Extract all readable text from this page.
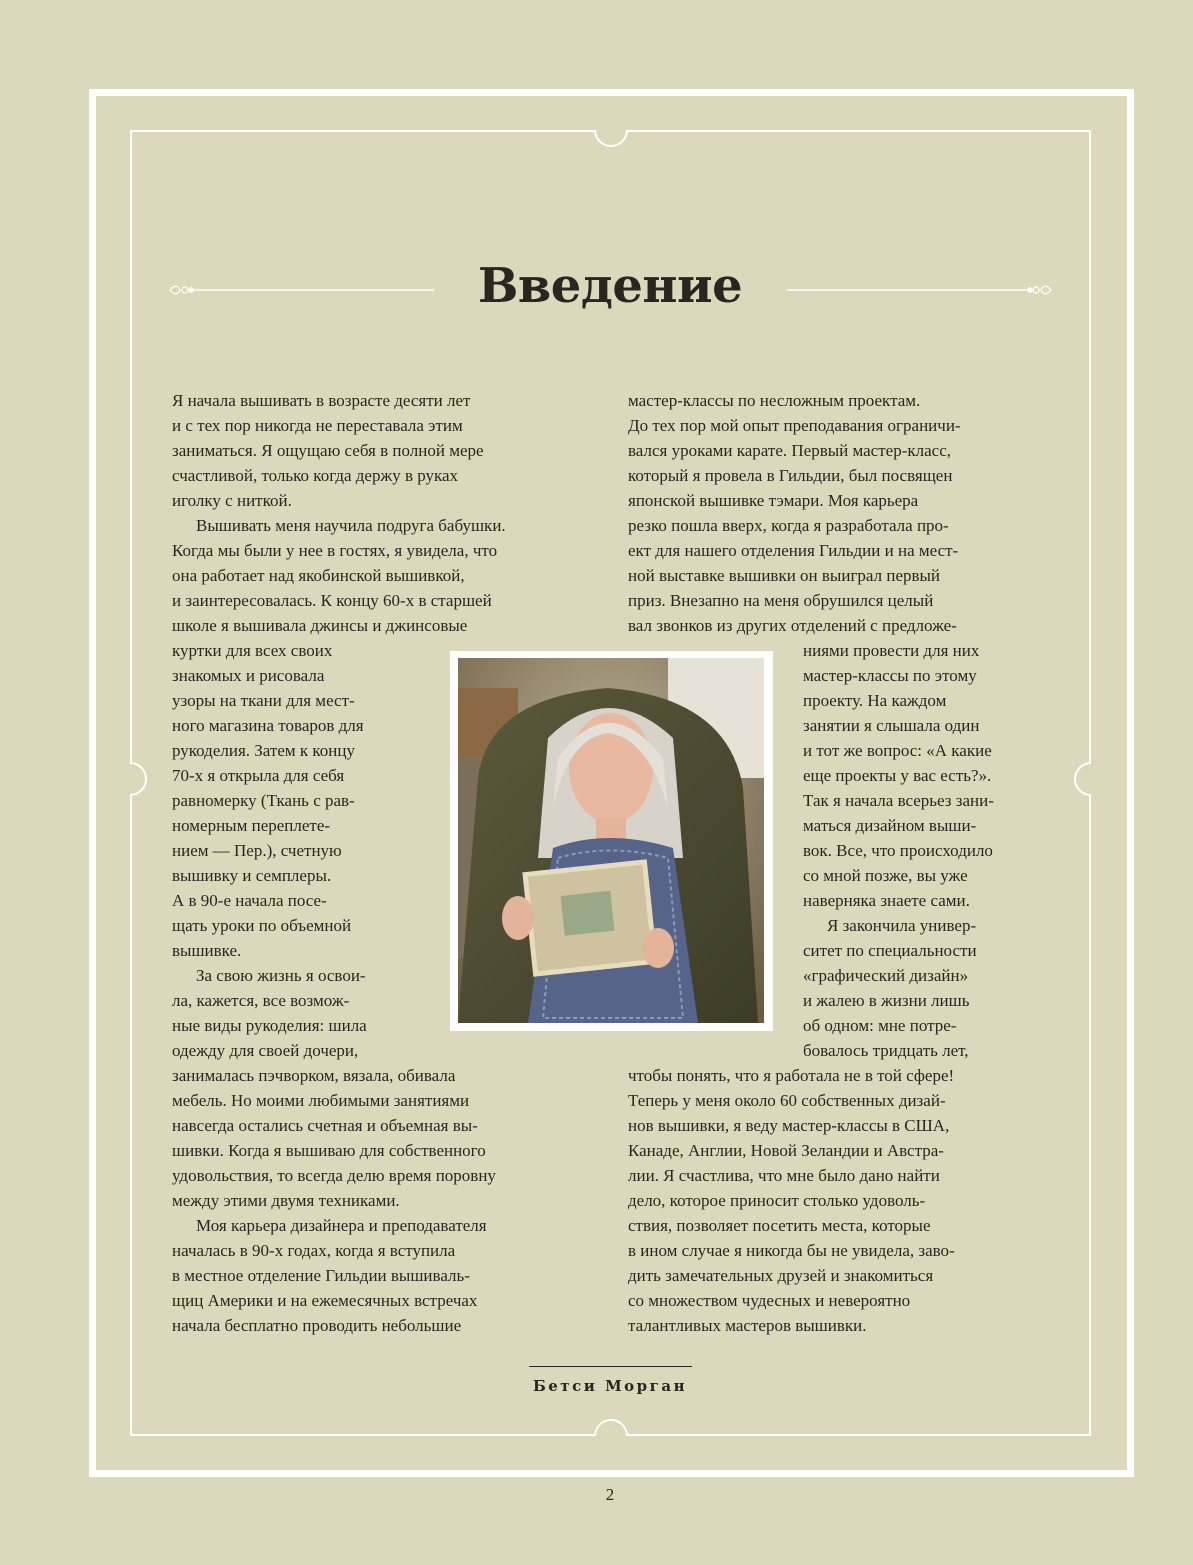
Введение
Я начала вышивать в возрасте десяти лет
и с тех пор никогда не переставала этим
заниматься. Я ощущаю себя в полной мере
счастливой, только когда держу в руках
иголку с ниткой.
Вышивать меня научила подруга бабушки.
Когда мы были у нее в гостях, я увидела, что
она работает над якобинской вышивкой,
и заинтересовалась. К концу 60-х в старшей
школе я вышивала джинсы и джинсовые
куртки для всех своих
знакомых и рисовала
узоры на ткани для мест-
ного магазина товаров для
рукоделия. Затем к концу
70-х я открыла для себя
равномерку (Ткань с рав-
номерным переплете-
нием — Пер.), счетную
вышивку и семплеры.
А в 90-е начала посе-
щать уроки по объемной
вышивке.
За свою жизнь я освои-
ла, кажется, все возмож-
ные виды рукоделия: шила
одежду для своей дочери,
занималась пэчворком, вязала, обивала
мебель. Но моими любимыми занятиями
навсегда остались счетная и объемная вы-
шивки. Когда я вышиваю для собственного
удовольствия, то всегда делю время поровну
между этими двумя техниками.
Моя карьера дизайнера и преподавателя
началась в 90-х годах, когда я вступила
в местное отделение Гильдии вышиваль-
щиц Америки и на ежемесячных встречах
начала бесплатно проводить небольшие
мастер-классы по несложным проектам.
До тех пор мой опыт преподавания ограничи-
вался уроками карате. Первый мастер-класс,
который я провела в Гильдии, был посвящен
японской вышивке тэмари. Моя карьера
резко пошла вверх, когда я разработала про-
ект для нашего отделения Гильдии и на мест-
ной выставке вышивки он выиграл первый
приз. Внезапно на меня обрушился целый
вал звонков из других отделений с предложе-
ниями провести для них
мастер-классы по этому
проекту. На каждом
занятии я слышала один
и тот же вопрос: «А какие
еще проекты у вас есть?».
Так я начала всерьез зани-
маться дизайном выши-
вок. Все, что происходило
со мной позже, вы уже
наверняка знаете сами.
Я закончила универ-
ситет по специальности
«графический дизайн»
и жалею в жизни лишь
об одном: мне потре-
бовалось тридцать лет,
чтобы понять, что я работала не в той сфере!
Теперь у меня около 60 собственных дизай-
нов вышивки, я веду мастер-классы в США,
Канаде, Англии, Новой Зеландии и Австра-
лии. Я счастлива, что мне было дано найти
дело, которое приносит столько удоволь-
ствия, позволяет посетить места, которые
в ином случае я никогда бы не увидела, заво-
дить замечательных друзей и знакомиться
со множеством чудесных и невероятно
талантливых мастеров вышивки.
Бетси Морган
2
